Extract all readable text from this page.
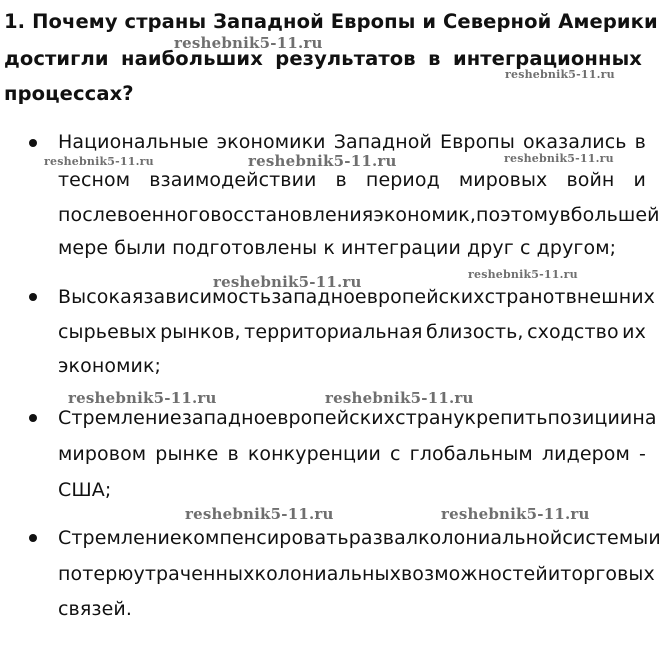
1. Почему страны Западной Европы и Северной Америки
достигли наибольших результатов в интеграционных
процессах?
Национальные экономики Западной Европы оказались в
тесном взаимодействии в период мировых войн и
послевоенного восстановления экономик, поэтому в большей
мере были подготовлены к интеграции друг с другом;
Высокая зависимость западноевропейских стран от внешних
сырьевых рынков, территориальная близость, сходство их
экономик;
Стремление западноевропейских стран укрепить позиции на
мировом рынке в конкуренции с глобальным лидером -
США;
Стремление компенсировать развал колониальной системы и
потерю утраченных колониальных возможностей и торговых
связей.
reshebnik5-11.ru
reshebnik5-11.ru
reshebnik5-11.ru	reshebnik5-11.ru	reshebnik5-11.ru
reshebnik5-11.ru	reshebnik5-11.ru
reshebnik5-11.ru	reshebnik5-11.ru
reshebnik5-11.ru	reshebnik5-11.ru
